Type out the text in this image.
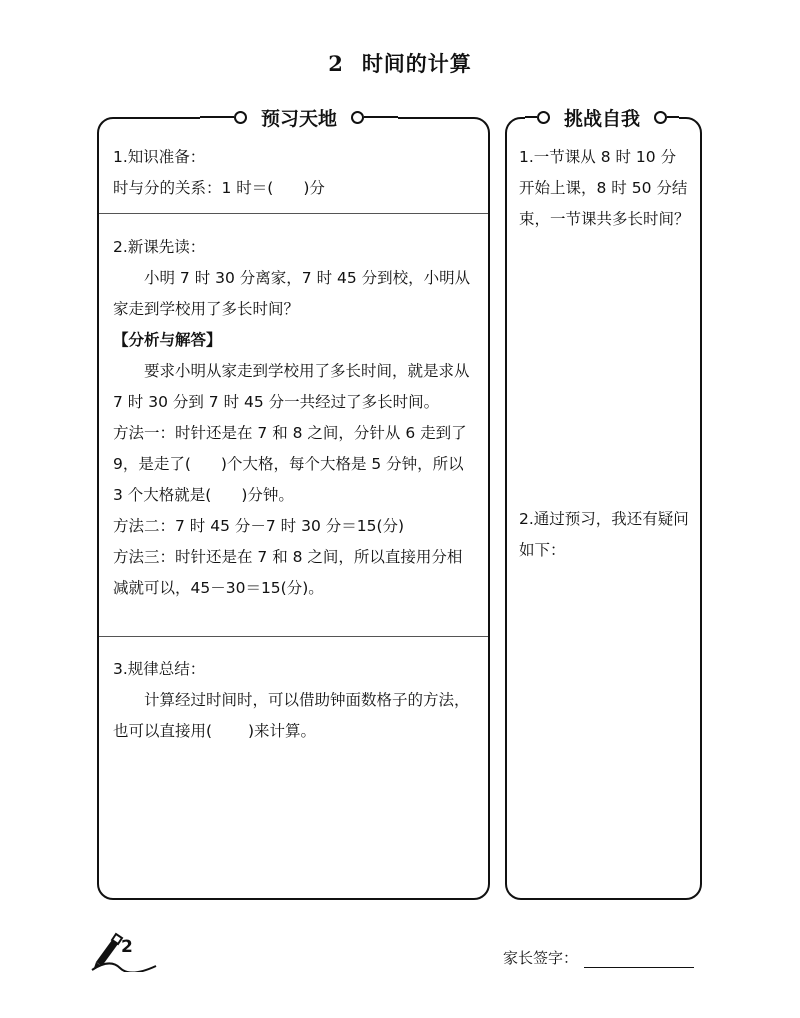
2 时间的计算
预习天地	挑战自我

1.知识准备：

时与分的关系：1 时＝( )分

2.新课先读：

小明 7 时 30 分离家，7 时 45 分到校，小明从家走到学校用了多长时间？

【分析与解答】

要求小明从家走到学校用了多长时间，就是求从 7 时 30 分到 7 时 45 分一共经过了多长时间。

方法一：时针还是在 7 和 8 之间，分针从 6 走到了 9，是走了( )个大格，每个大格是 5 分钟，所以 3 个大格就是( )分钟。

方法二：7 时 45 分－7 时 30 分＝15(分)

方法三：时针还是在 7 和 8 之间，所以直接用分相减就可以，45－30＝15(分)。

3.规律总结：

计算经过时间时，可以借助钟面数格子的方法，也可以直接用( )来计算。

1.一节课从 8 时 10 分开始上课，8 时 50 分结束，一节课共多长时间？

2.通过预习，我还有疑问如下：

2
家长签字：
